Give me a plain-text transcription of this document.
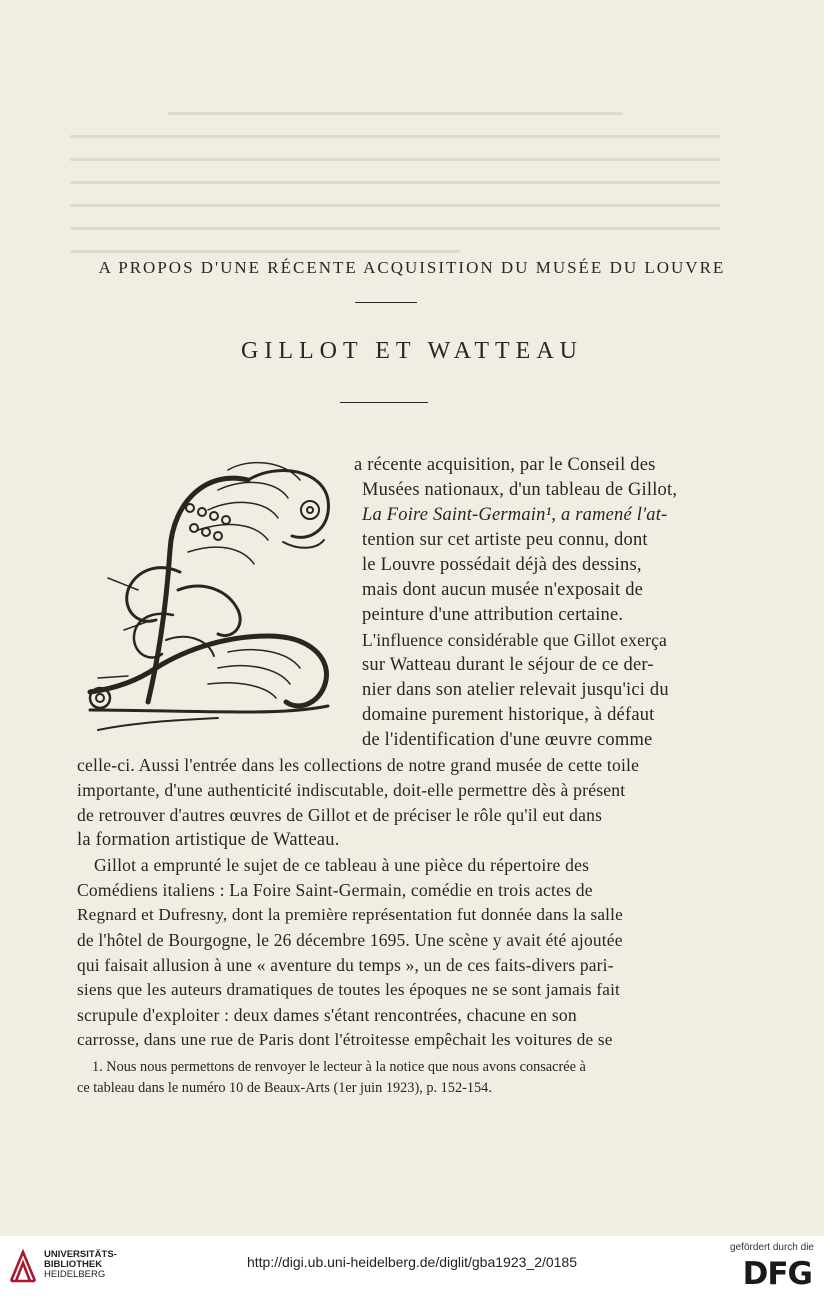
A PROPOS D'UNE RÉCENTE ACQUISITION DU MUSÉE DU LOUVRE
GILLOT ET WATTEAU
a récente acquisition, par le Conseil des
Musées nationaux, d'un tableau de Gillot,
La Foire Saint-Germain¹, a ramené l'at-
tention sur cet artiste peu connu, dont
le Louvre possédait déjà des dessins,
mais dont aucun musée n'exposait de
peinture d'une attribution certaine.
L'influence considérable que Gillot exerça
sur Watteau durant le séjour de ce der-
nier dans son atelier relevait jusqu'ici du
domaine purement historique, à défaut
de l'identification d'une œuvre comme
celle-ci. Aussi l'entrée dans les collections de notre grand musée de cette toile
importante, d'une authenticité indiscutable, doit-elle permettre dès à présent
de retrouver d'autres œuvres de Gillot et de préciser le rôle qu'il eut dans
la formation artistique de Watteau.
Gillot a emprunté le sujet de ce tableau à une pièce du répertoire des
Comédiens italiens : La Foire Saint-Germain, comédie en trois actes de
Regnard et Dufresny, dont la première représentation fut donnée dans la salle
de l'hôtel de Bourgogne, le 26 décembre 1695. Une scène y avait été ajoutée
qui faisait allusion à une « aventure du temps », un de ces faits-divers pari-
siens que les auteurs dramatiques de toutes les époques ne se sont jamais fait
scrupule d'exploiter : deux dames s'étant rencontrées, chacune en son
carrosse, dans une rue de Paris dont l'étroitesse empêchait les voitures de se
1. Nous nous permettons de renvoyer le lecteur à la notice que nous avons consacrée à
ce tableau dans le numéro 10 de Beaux-Arts (1er juin 1923), p. 152-154.
UNIVERSITÄTS-
BIBLIOTHEK
HEIDELBERG
http://digi.ub.uni-heidelberg.de/diglit/gba1923_2/0185
gefördert durch die
DFG
